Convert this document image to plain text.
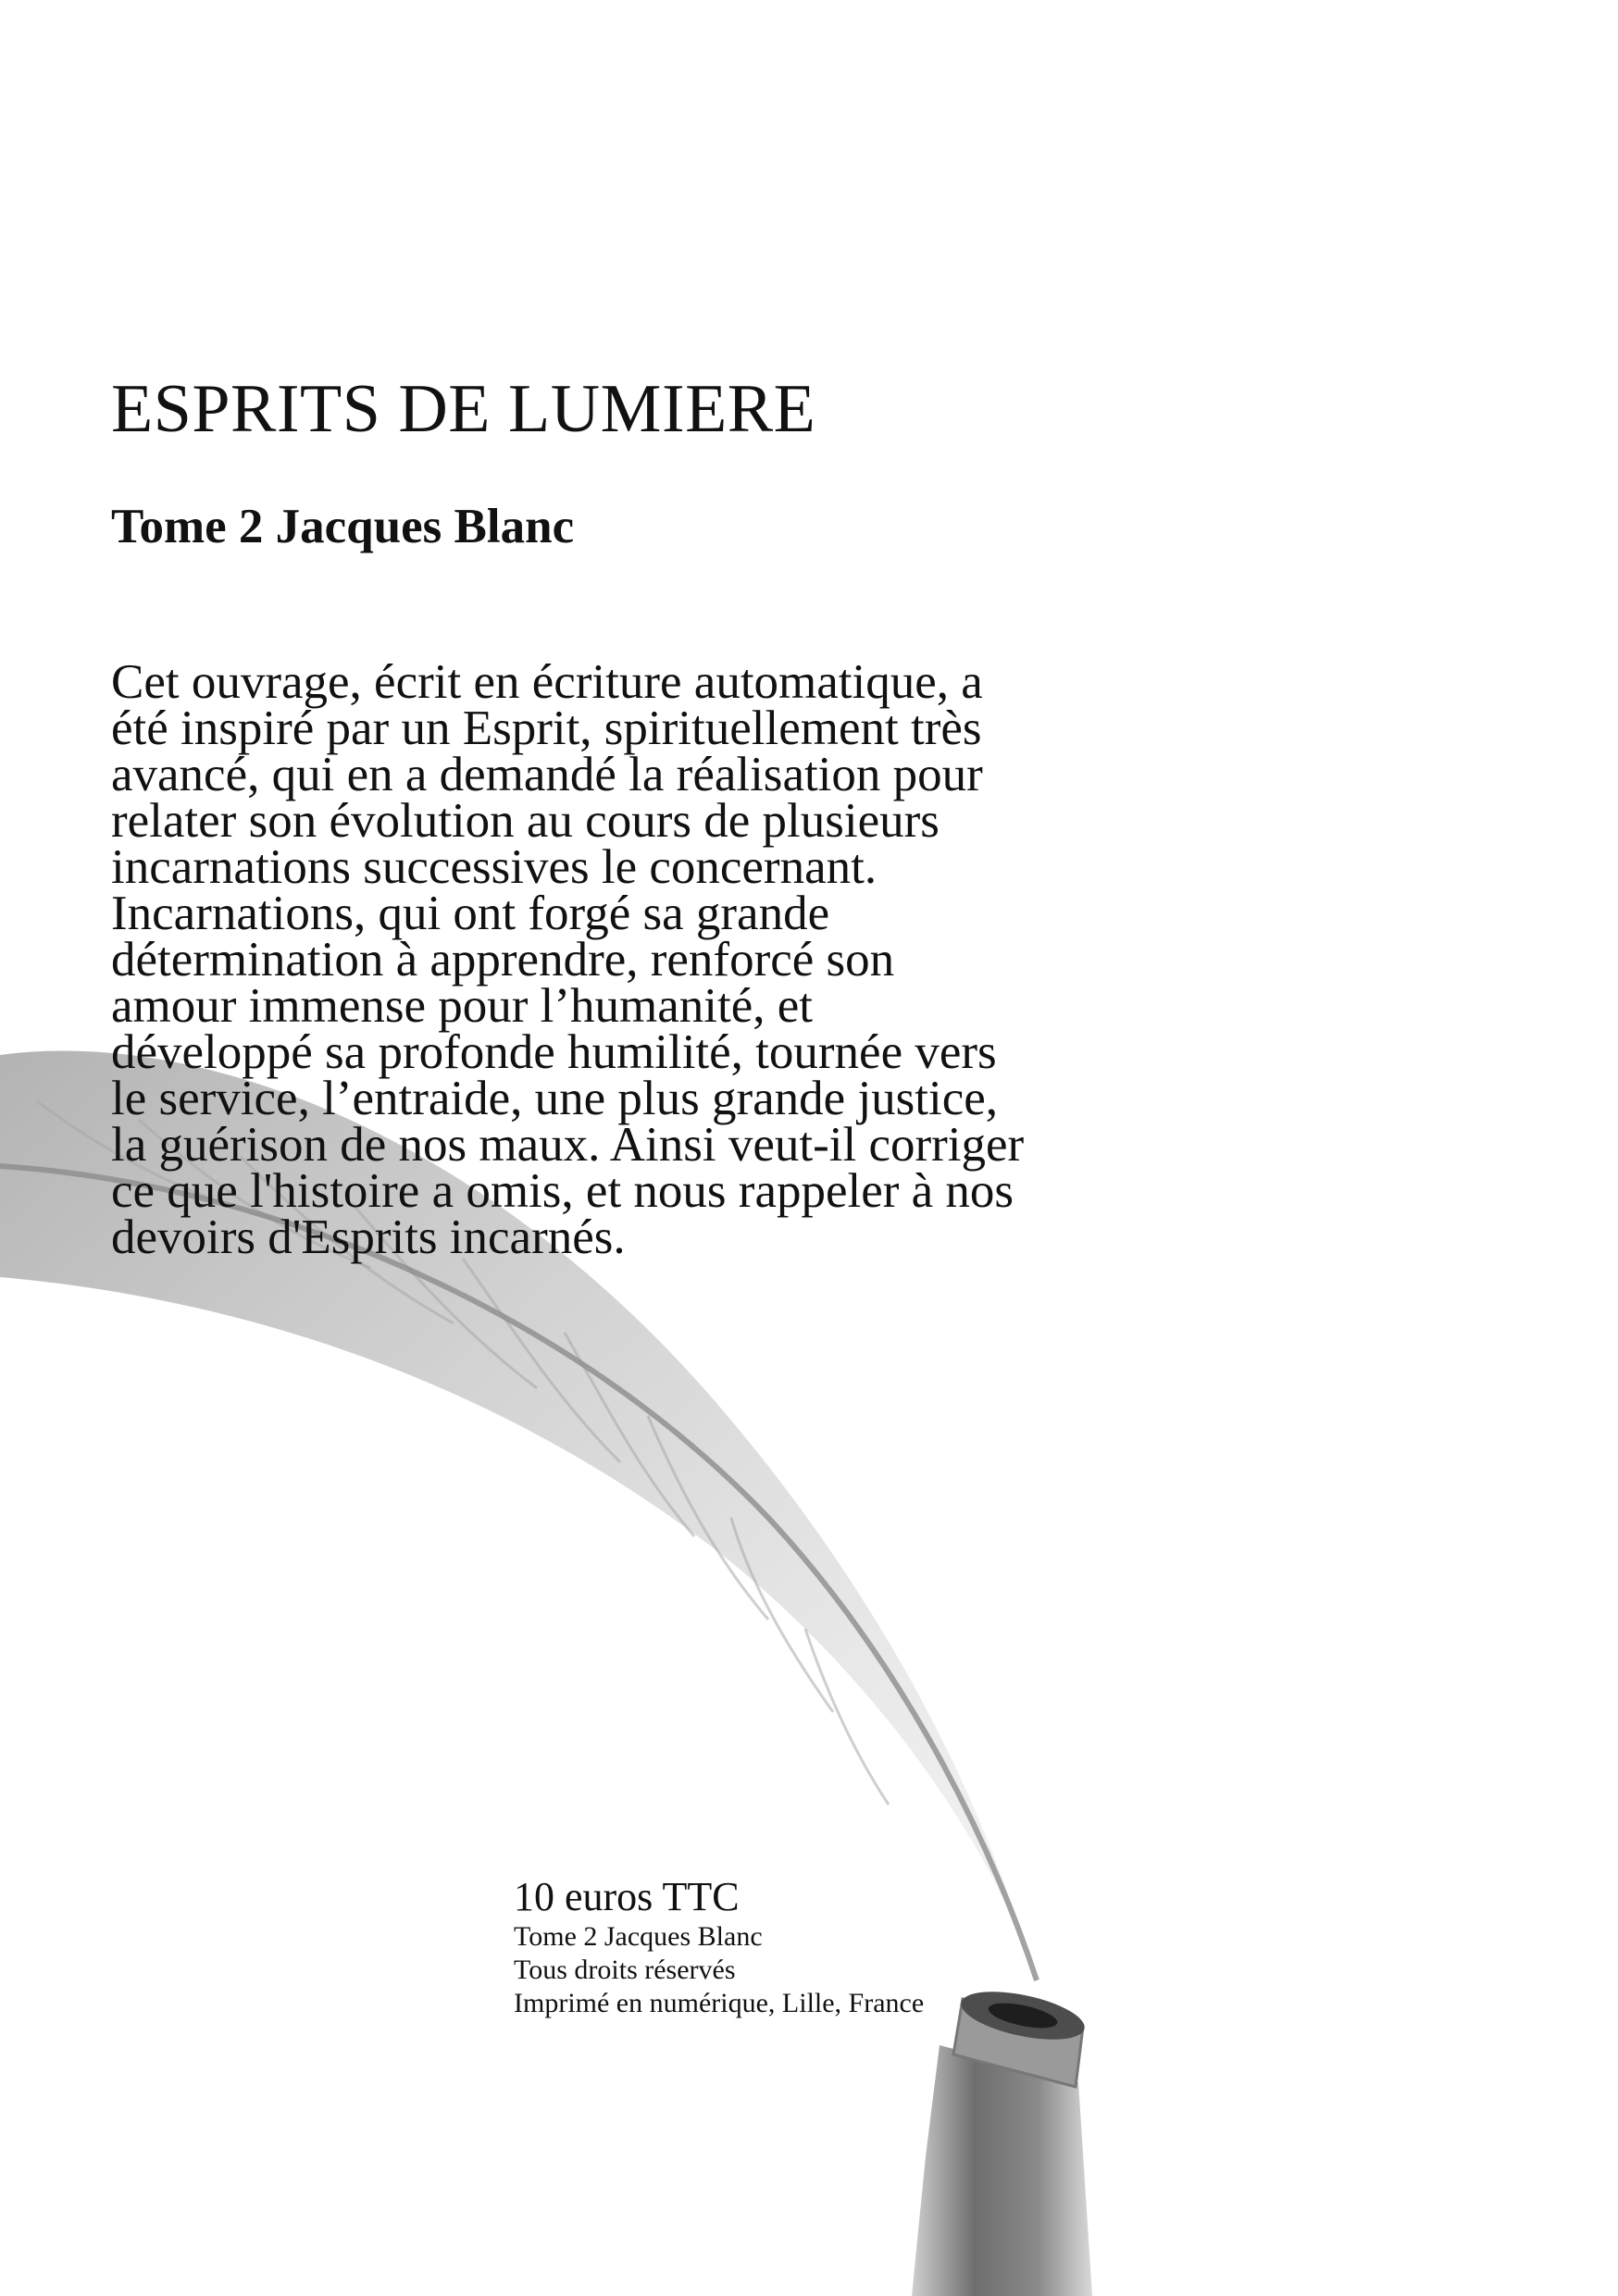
ESPRITS DE LUMIERE
Tome 2 Jacques Blanc
Cet ouvrage, écrit en écriture automatique, a
été inspiré par un Esprit, spirituellement très
avancé, qui en a demandé la réalisation pour
relater son évolution au cours de plusieurs
incarnations successives le concernant.
Incarnations, qui ont forgé sa grande
détermination à apprendre, renforcé son
amour immense pour l’humanité, et
développé sa profonde humilité, tournée vers
le service, l’entraide, une plus grande justice,
la guérison de nos maux. Ainsi veut-il corriger
ce que l'histoire a omis, et nous rappeler à nos
devoirs d'Esprits incarnés.
10 euros TTC
Tome 2 Jacques Blanc
Tous droits réservés
Imprimé en numérique, Lille, France
